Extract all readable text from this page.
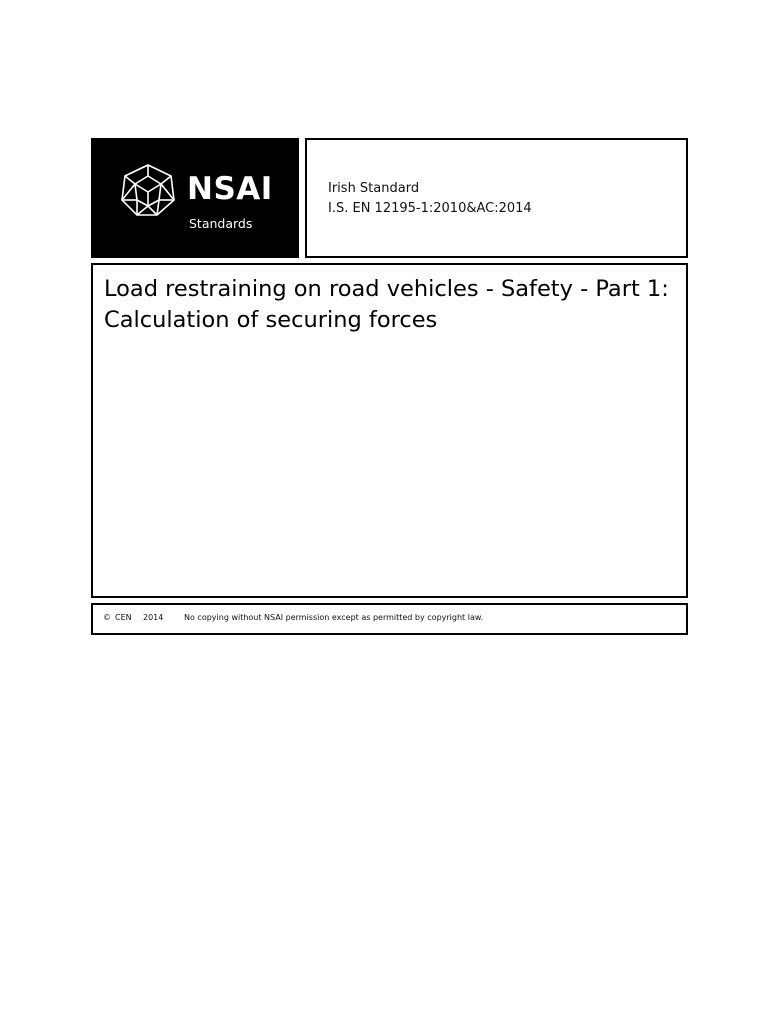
NSAI
Standards
Irish Standard
I.S. EN 12195-1:2010&AC:2014
Load restraining on road vehicles - Safety - Part 1: Calculation of securing forces
© CEN 2014	No copying without NSAI permission except as permitted by copyright law.
